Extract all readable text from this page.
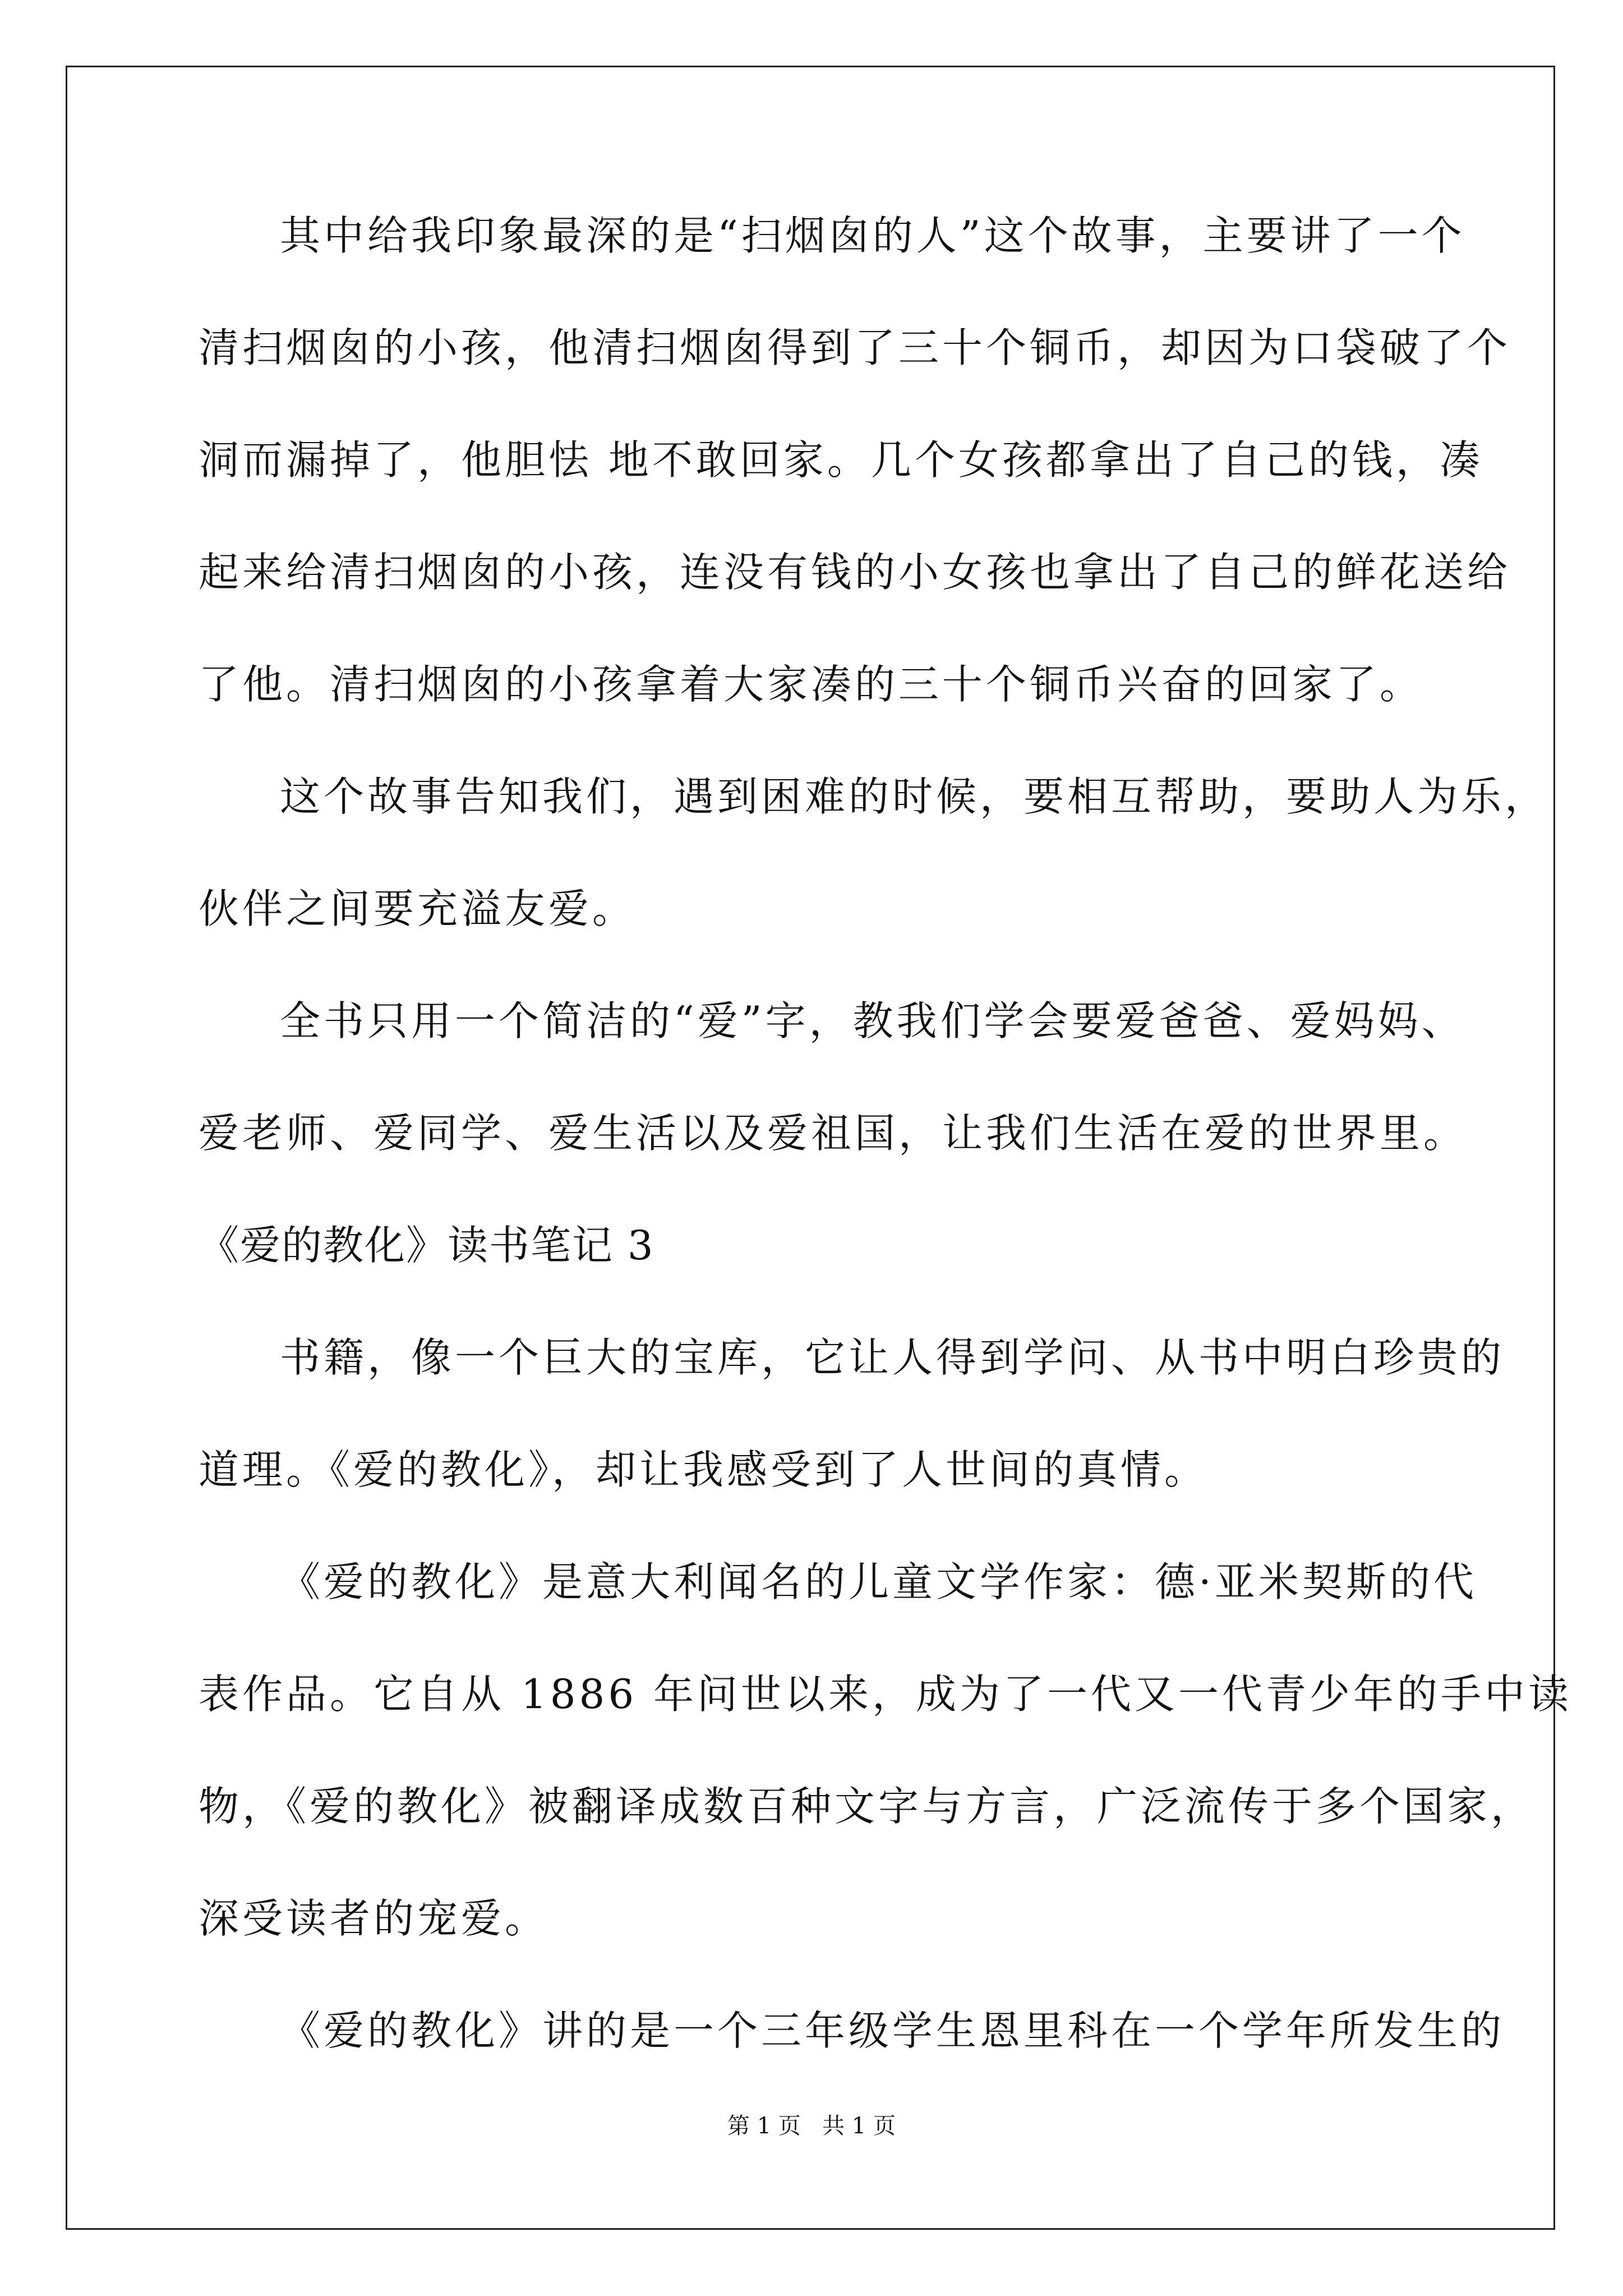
其中给我印象最深的是“扫烟囱的人”这个故事，主要讲了一个
清扫烟囱的小孩，他清扫烟囱得到了三十个铜币，却因为口袋破了个
洞而漏掉了，他胆怯 地不敢回家。几个女孩都拿出了自己的钱，凑
起来给清扫烟囱的小孩，连没有钱的小女孩也拿出了自己的鲜花送给
了他。清扫烟囱的小孩拿着大家凑的三十个铜币兴奋的回家了。
这个故事告知我们，遇到困难的时候，要相互帮助，要助人为乐，
伙伴之间要充溢友爱。
全书只用一个简洁的“爱”字，教我们学会要爱爸爸、爱妈妈、
爱老师、爱同学、爱生活以及爱祖国，让我们生活在爱的世界里。
《爱的教化》读书笔记 3
书籍，像一个巨大的宝库，它让人得到学问、从书中明白珍贵的
道理。《爱的教化》，却让我感受到了人世间的真情。
《爱的教化》是意大利闻名的儿童文学作家：德·亚米契斯的代
表作品。它自从 1886 年问世以来，成为了一代又一代青少年的手中读
物，《爱的教化》被翻译成数百种文字与方言，广泛流传于多个国家，
深受读者的宠爱。
《爱的教化》讲的是一个三年级学生恩里科在一个学年所发生的
第 1 页   共 1 页
